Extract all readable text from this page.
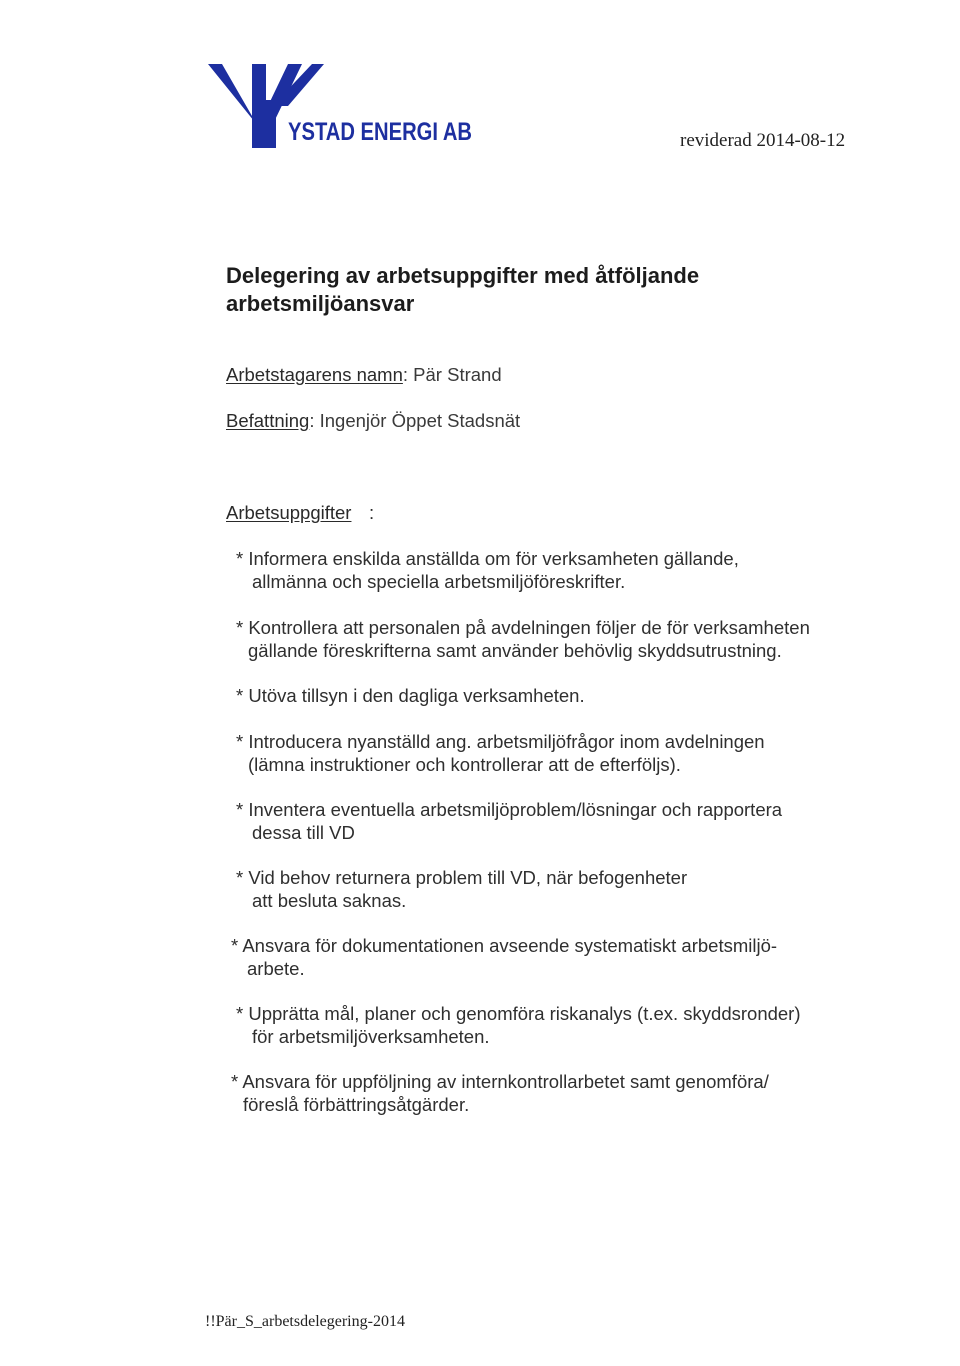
YSTAD ENERGI AB	reviderad 2014-08-12
Delegering av arbetsuppgifter med åtföljande
arbetsmiljöansvar
Arbetstagarens namn: Pär Strand
Befattning: Ingenjör Öppet Stadsnät
Arbetsuppgifter :
* Informera enskilda anställda om för verksamheten gällande,
allmänna och speciella arbetsmiljöföreskrifter.
* Kontrollera att personalen på avdelningen följer de för verksamheten
gällande föreskrifterna samt använder behövlig skyddsutrustning.
* Utöva tillsyn i den dagliga verksamheten.
* Introducera nyanställd ang. arbetsmiljöfrågor inom avdelningen
(lämna instruktioner och kontrollerar att de efterföljs).
* Inventera eventuella arbetsmiljöproblem/lösningar och rapportera
dessa till VD
* Vid behov returnera problem till VD, när befogenheter
att besluta saknas.
* Ansvara för dokumentationen avseende systematiskt arbetsmiljö-
arbete.
* Upprätta mål, planer och genomföra riskanalys (t.ex. skyddsronder)
för arbetsmiljöverksamheten.
* Ansvara för uppföljning av internkontrollarbetet samt genomföra/
föreslå förbättringsåtgärder.
!!Pär_S_arbetsdelegering-2014
